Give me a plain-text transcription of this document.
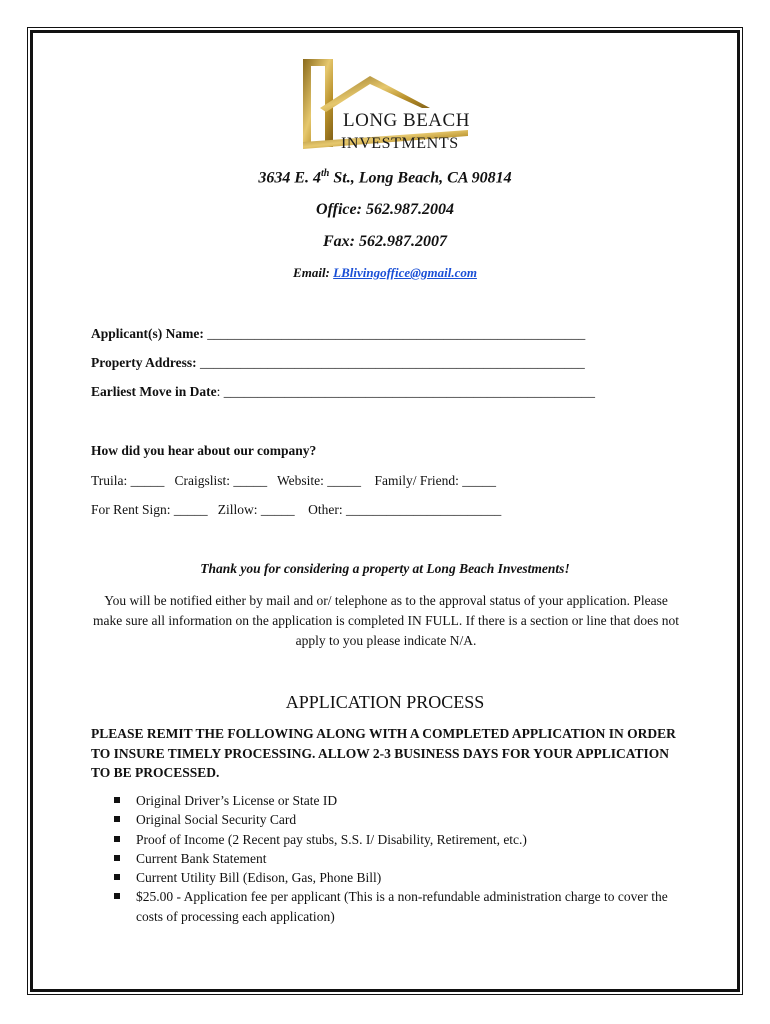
LONG BEACH
INVESTMENTS
3634 E. 4th St., Long Beach, CA 90814
Office: 562.987.2004
Fax: 562.987.2007
Email: LBlivingoffice@gmail.com
Applicant(s) Name: ________________________________________________________
Property Address: _________________________________________________________
Earliest Move in Date: _______________________________________________________
How did you hear about our company?
Truila: _____   Craigslist: _____   Website: _____    Family/ Friend: _____
For Rent Sign: _____   Zillow: _____    Other: _______________________
Thank you for considering a property at Long Beach Investments!
You will be notified either by mail and or/ telephone as to the approval status of your application. Please make sure all information on the application is completed IN FULL. If there is a section or line that does not apply to you please indicate N/A.
APPLICATION PROCESS
PLEASE REMIT THE FOLLOWING ALONG WITH A COMPLETED APPLICATION IN ORDER TO INSURE TIMELY PROCESSING. ALLOW 2-3 BUSINESS DAYS FOR YOUR APPLICATION TO BE PROCESSED.
Original Driver’s License or State ID
Original Social Security Card
Proof of Income (2 Recent pay stubs, S.S. I/ Disability, Retirement, etc.)
Current Bank Statement
Current Utility Bill (Edison, Gas, Phone Bill)
$25.00 - Application fee per applicant (This is a non-refundable administration charge to cover the costs of processing each application)
